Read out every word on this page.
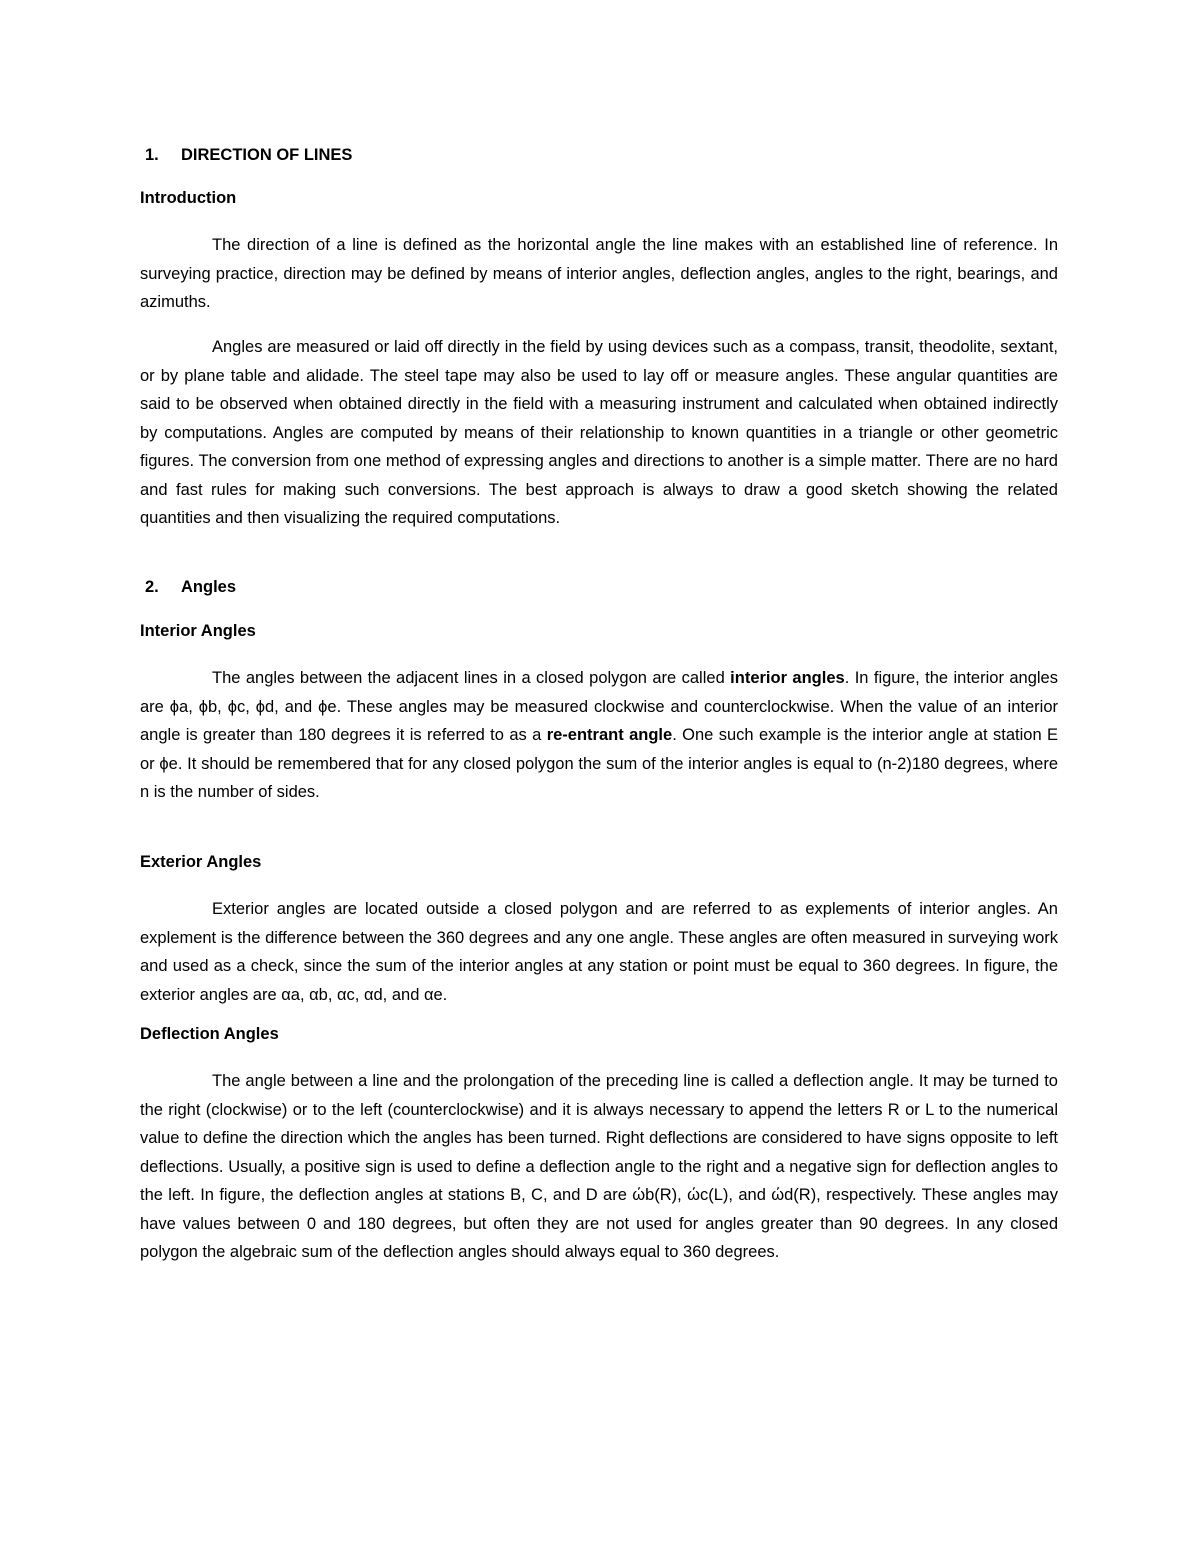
1. DIRECTION OF LINES
Introduction
The direction of a line is defined as the horizontal angle the line makes with an established line of reference. In surveying practice, direction may be defined by means of interior angles, deflection angles, angles to the right, bearings, and azimuths.
Angles are measured or laid off directly in the field by using devices such as a compass, transit, theodolite, sextant, or by plane table and alidade. The steel tape may also be used to lay off or measure angles. These angular quantities are said to be observed when obtained directly in the field with a measuring instrument and calculated when obtained indirectly by computations. Angles are computed by means of their relationship to known quantities in a triangle or other geometric figures. The conversion from one method of expressing angles and directions to another is a simple matter. There are no hard and fast rules for making such conversions. The best approach is always to draw a good sketch showing the related quantities and then visualizing the required computations.
2. Angles
Interior Angles
The angles between the adjacent lines in a closed polygon are called interior angles. In figure, the interior angles are ϕa, ϕb, ϕc, ϕd, and ϕe. These angles may be measured clockwise and counterclockwise. When the value of an interior angle is greater than 180 degrees it is referred to as a re-entrant angle. One such example is the interior angle at station E or ϕe. It should be remembered that for any closed polygon the sum of the interior angles is equal to (n-2)180 degrees, where n is the number of sides.
Exterior Angles
Exterior angles are located outside a closed polygon and are referred to as explements of interior angles. An explement is the difference between the 360 degrees and any one angle. These angles are often measured in surveying work and used as a check, since the sum of the interior angles at any station or point must be equal to 360 degrees. In figure, the exterior angles are αa, αb, αc, αd, and αe.
Deflection Angles
The angle between a line and the prolongation of the preceding line is called a deflection angle. It may be turned to the right (clockwise) or to the left (counterclockwise) and it is always necessary to append the letters R or L to the numerical value to define the direction which the angles has been turned. Right deflections are considered to have signs opposite to left deflections. Usually, a positive sign is used to define a deflection angle to the right and a negative sign for deflection angles to the left. In figure, the deflection angles at stations B, C, and D are ώb(R), ώc(L), and ώd(R), respectively. These angles may have values between 0 and 180 degrees, but often they are not used for angles greater than 90 degrees. In any closed polygon the algebraic sum of the deflection angles should always equal to 360 degrees.
